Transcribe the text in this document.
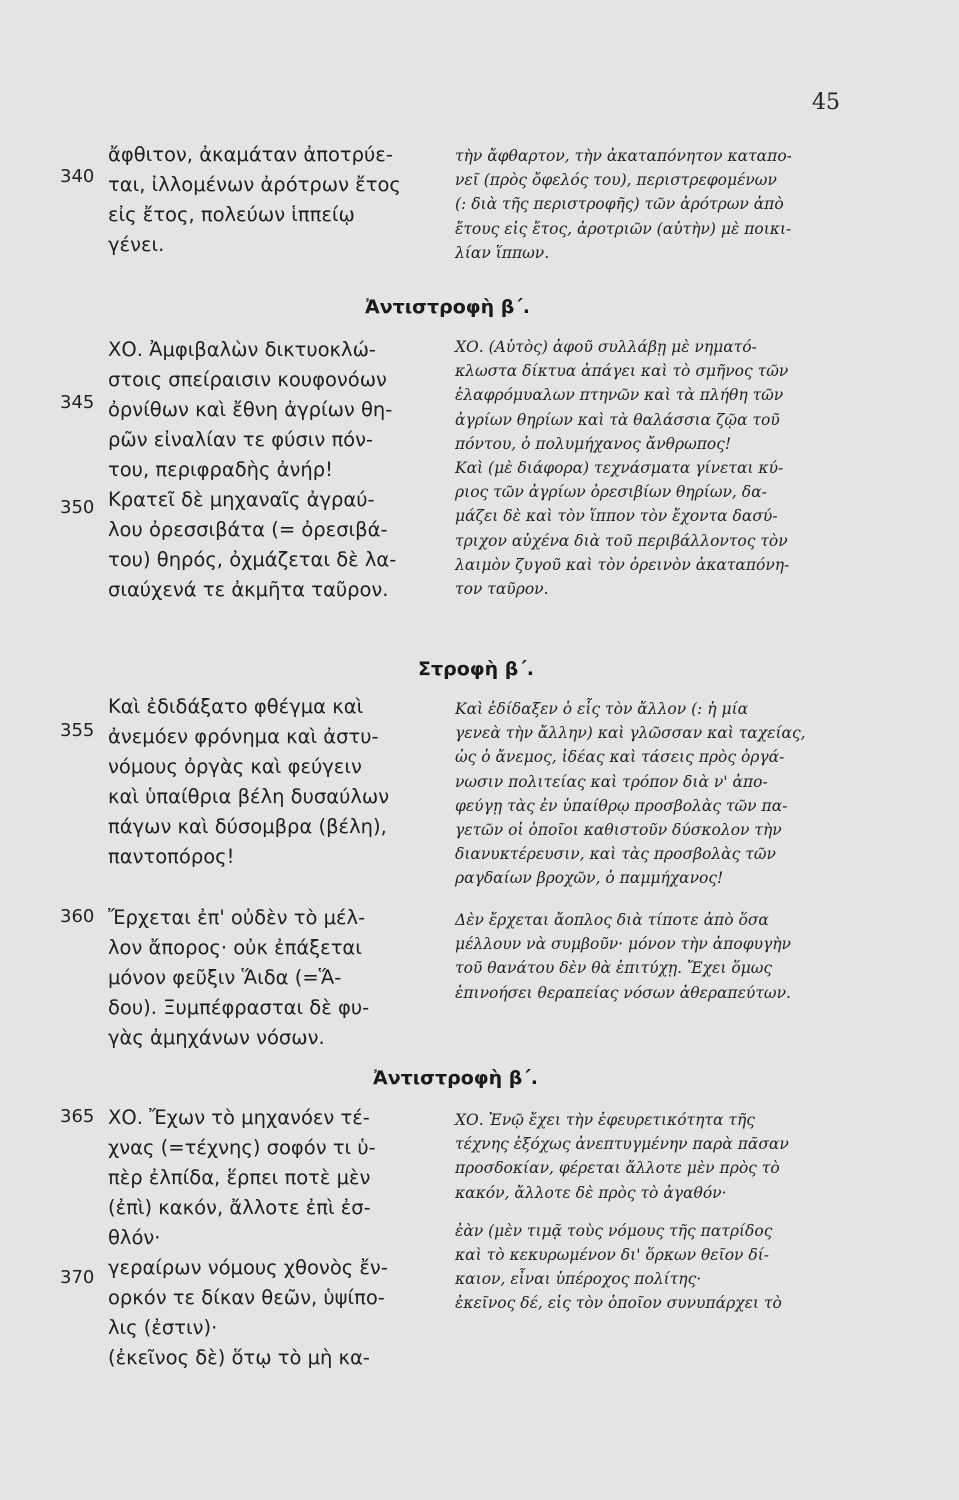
45
ἄφθιτον, ἀκαμάταν ἀποτρύε-
ται, ἰλλομένων ἀρότρων ἔτος
εἰς ἔτος, πολεύων ἱππείῳ
γένει.
τὴν ἄφθαρτον, τὴν ἀκαταπόνητον καταπο-
νεῖ (πρὸς ὄφελός του), περιστρεφομένων
(: διὰ τῆς περιστροφῆς) τῶν ἀρότρων ἀπὸ
ἔτους εἰς ἔτος, ἀροτριῶν (αὐτὴν) μὲ ποικι-
λίαν ἵππων.
340
Ἀντιστροφὴ β΄.
ΧΟ. Ἀμφιβαλὼν δικτυοκλώ-
στοις σπείραισιν κουφονόων
ὀρνίθων καὶ ἔθνη ἀγρίων θη-
ρῶν εἰναλίαν τε φύσιν πόν-
του, περιφραδὴς ἀνήρ!
Κρατεῖ δὲ μηχαναῖς ἀγραύ-
λου ὀρεσσιβάτα (= ὀρεσιβά-
του) θηρός, ὀχμάζεται δὲ λα-
σιαύχενά τε ἀκμῆτα ταῦρον.
ΧΟ. (Αὐτὸς) ἀφοῦ συλλάβῃ μὲ νηματό-
κλωστα δίκτυα ἀπάγει καὶ τὸ σμῆνος τῶν
ἐλαφρόμυαλων πτηνῶν καὶ τὰ πλήθη τῶν
ἀγρίων θηρίων καὶ τὰ θαλάσσια ζῷα τοῦ
πόντου, ὁ πολυμήχανος ἄνθρωπος!
Καὶ (μὲ διάφορα) τεχνάσματα γίνεται κύ-
ριος τῶν ἀγρίων ὀρεσιβίων θηρίων, δα-
μάζει δὲ καὶ τὸν ἵππον τὸν ἔχοντα δασύ-
τριχον αὐχένα διὰ τοῦ περιβάλλοντος τὸν
λαιμὸν ζυγοῦ καὶ τὸν ὀρεινὸν ἀκαταπόνη-
τον ταῦρον.
345
350
Στροφὴ β΄.
Καὶ ἐδιδάξατο φθέγμα καὶ
ἀνεμόεν φρόνημα καὶ ἀστυ-
νόμους ὀργὰς καὶ φεύγειν
καὶ ὑπαίθρια βέλη δυσαύλων
πάγων καὶ δύσομβρα (βέλη),
παντοπόρος!
Καὶ ἐδίδαξεν ὁ εἷς τὸν ἄλλον (: ἡ μία
γενεὰ τὴν ἄλλην) καὶ γλῶσσαν καὶ ταχείας,
ὡς ὁ ἄνεμος, ἰδέας καὶ τάσεις πρὸς ὀργά-
νωσιν πολιτείας καὶ τρόπον διὰ ν' ἀπο-
φεύγῃ τὰς ἐν ὑπαίθρῳ προσβολὰς τῶν πα-
γετῶν οἱ ὁποῖοι καθιστοῦν δύσκολον τὴν
διανυκτέρευσιν, καὶ τὰς προσβολὰς τῶν
ραγδαίων βροχῶν, ὁ παμμήχανος!
355
Ἔρχεται ἐπ' οὐδὲν τὸ μέλ-
λον ἄπορος· οὐκ ἐπάξεται
μόνον φεῦξιν Ἅιδα (=Ἅ-
δου). Ξυμπέφρασται δὲ φυ-
γὰς ἀμηχάνων νόσων.
Δὲν ἔρχεται ἄοπλος διὰ τίποτε ἀπὸ ὅσα
μέλλουν νὰ συμβοῦν· μόνον τὴν ἀποφυγὴν
τοῦ θανάτου δὲν θὰ ἐπιτύχῃ. Ἔχει ὅμως
ἐπινοήσει θεραπείας νόσων ἀθεραπεύτων.
360
Ἀντιστροφὴ β΄.
ΧΟ. Ἔχων τὸ μηχανόεν τέ-
χνας (=τέχνης) σοφόν τι ὑ-
πὲρ ἐλπίδα, ἕρπει ποτὲ μὲν
(ἐπὶ) κακόν, ἄλλοτε ἐπὶ ἐσ-
θλόν·
γεραίρων νόμους χθονὸς ἔν-
ορκόν τε δίκαν θεῶν, ὑψίπο-
λις (ἐστιν)·
(ἐκεῖνος δὲ) ὅτῳ τὸ μὴ κα-
ΧΟ. Ἐνῷ ἔχει τὴν ἐφευρετικότητα τῆς
τέχνης ἐξόχως ἀνεπτυγμένην παρὰ πᾶσαν
προσδοκίαν, φέρεται ἄλλοτε μὲν πρὸς τὸ
κακόν, ἄλλοτε δὲ πρὸς τὸ ἀγαθόν·
ἐὰν (μὲν τιμᾷ τοὺς νόμους τῆς πατρίδος
καὶ τὸ κεκυρωμένον δι' ὅρκων θεῖον δί-
καιον, εἶναι ὑπέροχος πολίτης·
ἐκεῖνος δέ, εἰς τὸν ὁποῖον συνυπάρχει τὸ
365
370
